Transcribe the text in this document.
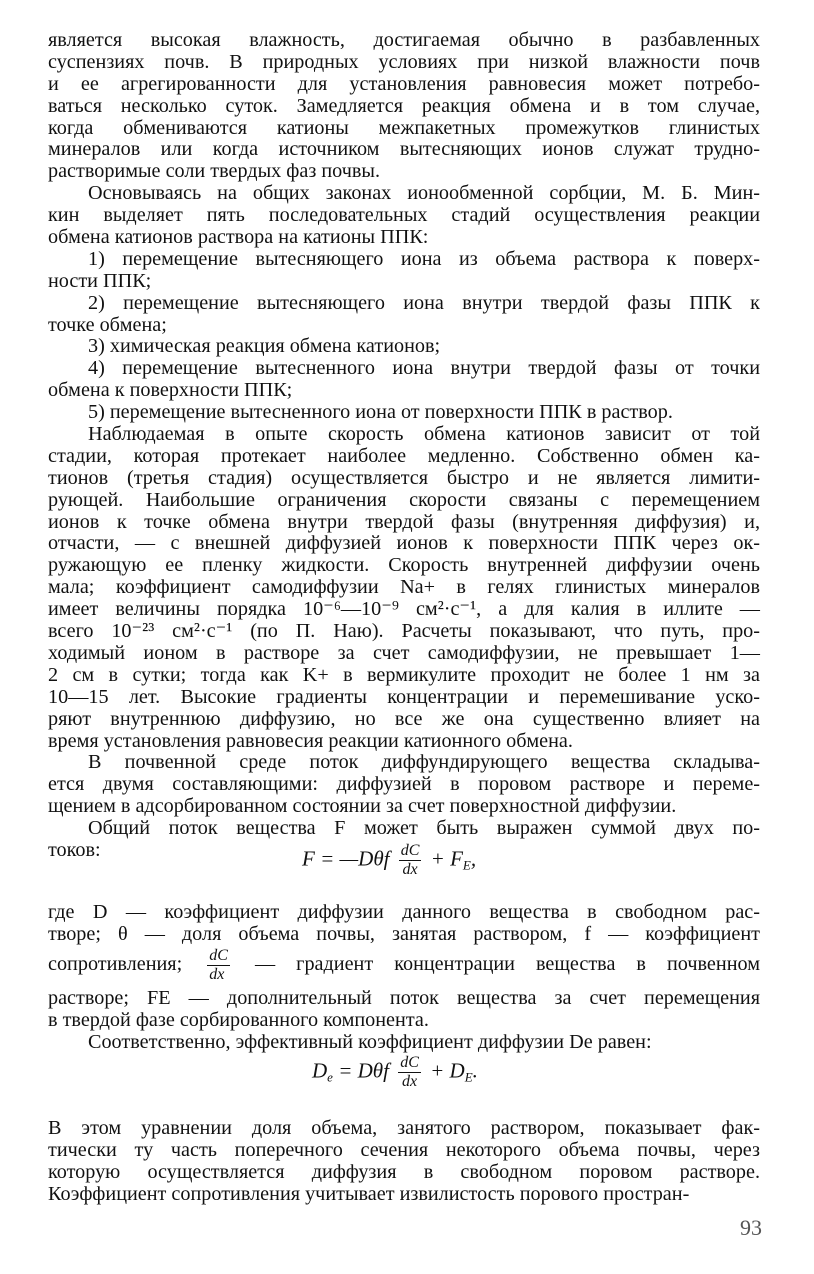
является высокая влажность, достигаемая обычно в разбавленных
суспензиях почв. В природных условиях при низкой влажности почв
и ее агрегированности для установления равновесия может потребо-
ваться несколько суток. Замедляется реакция обмена и в том случае,
когда обмениваются катионы межпакетных промежутков глинистых
минералов или когда источником вытесняющих ионов служат трудно-
растворимые соли твердых фаз почвы.
Основываясь на общих законах ионообменной сорбции, М. Б. Мин-
кин выделяет пять последовательных стадий осуществления реакции
обмена катионов раствора на катионы ППК:
1) перемещение вытесняющего иона из объема раствора к поверх-
ности ППК;
2) перемещение вытесняющего иона внутри твердой фазы ППК к
точке обмена;
3) химическая реакция обмена катионов;
4) перемещение вытесненного иона внутри твердой фазы от точки
обмена к поверхности ППК;
5) перемещение вытесненного иона от поверхности ППК в раствор.
Наблюдаемая в опыте скорость обмена катионов зависит от той
стадии, которая протекает наиболее медленно. Собственно обмен ка-
тионов (третья стадия) осуществляется быстро и не является лимити-
рующей. Наибольшие ограничения скорости связаны с перемещением
ионов к точке обмена внутри твердой фазы (внутренняя диффузия) и,
отчасти, — с внешней диффузией ионов к поверхности ППК через ок-
ружающую ее пленку жидкости. Скорость внутренней диффузии очень
мала; коэффициент самодиффузии Na+ в гелях глинистых минералов
имеет величины порядка 10⁻⁶—10⁻⁹ см²·с⁻¹, а для калия в иллите —
всего 10⁻²³ см²·с⁻¹ (по П. Наю). Расчеты показывают, что путь, про-
ходимый ионом в растворе за счет самодиффузии, не превышает 1—
2 см в сутки; тогда как K+ в вермикулите проходит не более 1 нм за
10—15 лет. Высокие градиенты концентрации и перемешивание уско-
ряют внутреннюю диффузию, но все же она существенно влияет на
время установления равновесия реакции катионного обмена.
В почвенной среде поток диффундирующего вещества складыва-
ется двумя составляющими: диффузией в поровом растворе и переме-
щением в адсорбированном состоянии за счет поверхностной диффузии.
Общий поток вещества F может быть выражен суммой двух по-
токов:	F = —Dθf $\frac{dC}{dx} + F_E$,
где D — коэффициент диффузии данного вещества в свободном рас-
творе; θ — доля объема почвы, занятая раствором, f — коэффициент
сопротивления; $\frac{dC}{dx}$ — градиент концентрации вещества в почвенном
растворе; FE — дополнительный поток вещества за счет перемещения
в твердой фазе сорбированного компонента.
Соответственно, эффективный коэффициент диффузии De равен:
$D_e = D\theta f \frac{dC}{dx} + D_E$.
В этом уравнении доля объема, занятого раствором, показывает фак-
тически ту часть поперечного сечения некоторого объема почвы, через
которую осуществляется диффузия в свободном поровом растворе.
Коэффициент сопротивления учитывает извилистость порового простран-
93
